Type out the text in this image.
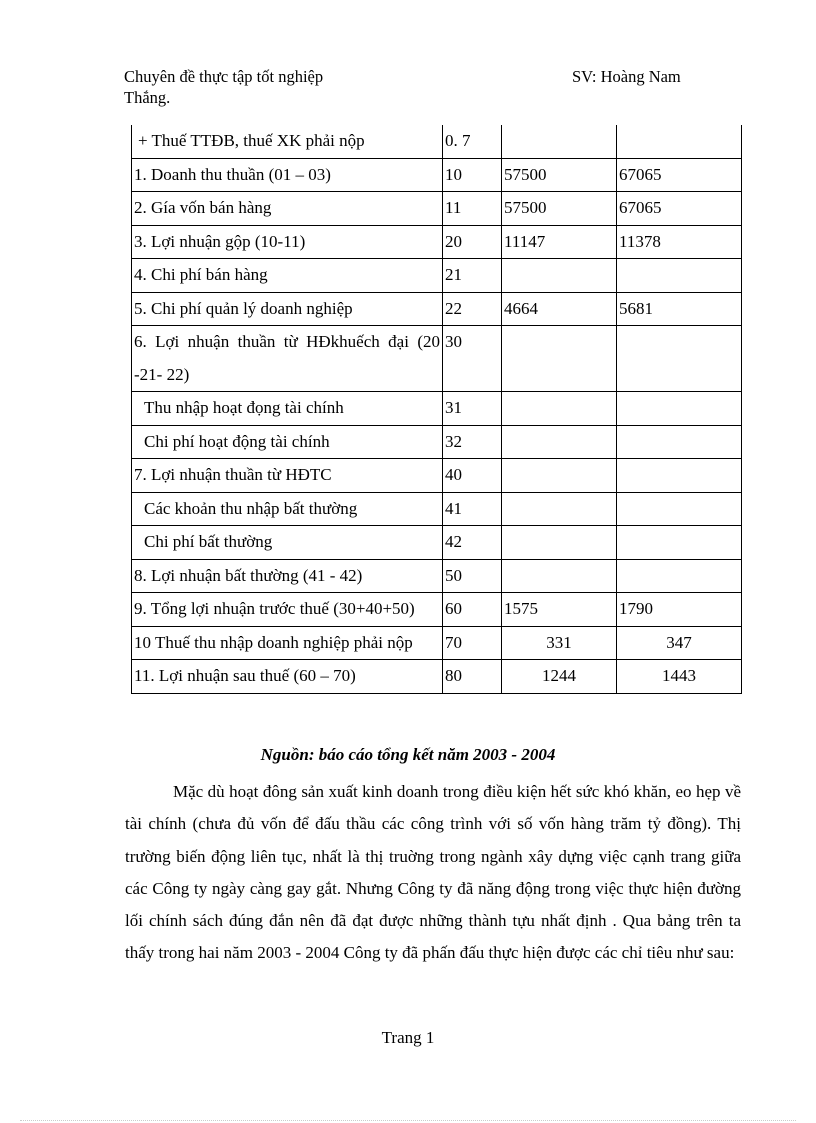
Chuyên đề thực tập tốt nghiệp
Thắng.
SV: Hoàng Nam
+ Thuế TTĐB, thuế XK phải nộp	0. 7		
1. Doanh thu thuần (01 – 03)	10	57500	67065
2. Gía vốn bán hàng	11	57500	67065
3. Lợi nhuận gộp (10-11)	20	11147	11378
4. Chi phí bán hàng	21		
5. Chi phí quản lý doanh nghiệp	22	4664	5681
6. Lợi nhuận thuần từ HĐkhuếch đại (20 -21- 22)	30		
Thu nhập hoạt đọng tài chính	31		
Chi phí hoạt động tài chính	32		
7. Lợi nhuận thuần từ HĐTC	40		
Các khoản thu nhập bất thường	41		
Chi phí bất thường	42		
8. Lợi nhuận bất thường (41 - 42)	50		
9. Tổng lợi nhuận trước thuế (30+40+50)	60	1575	1790
10 Thuế thu nhập doanh nghiệp phải nộp	70	331	347
11. Lợi nhuận sau thuế (60 – 70)	80	1244	1443
Nguồn: báo cáo tổng kết năm 2003 - 2004
Mặc dù hoạt đông sản xuất kinh doanh trong điều kiện hết sức khó khăn, eo hẹp về tài chính (chưa đủ vốn để đấu thầu các công trình với số vốn hàng trăm tỷ đồng). Thị trường biến động liên tục, nhất là thị truờng trong ngành xây dựng việc cạnh trang giữa các Công ty ngày càng gay gắt. Nhưng Công ty đã năng động trong việc thực hiện đường lối chính sách đúng đắn nên đã đạt được những thành tựu nhất định . Qua bảng trên ta thấy trong hai năm 2003 - 2004 Công ty đã phấn đấu thực hiện được các chỉ tiêu như sau:
Trang 1
